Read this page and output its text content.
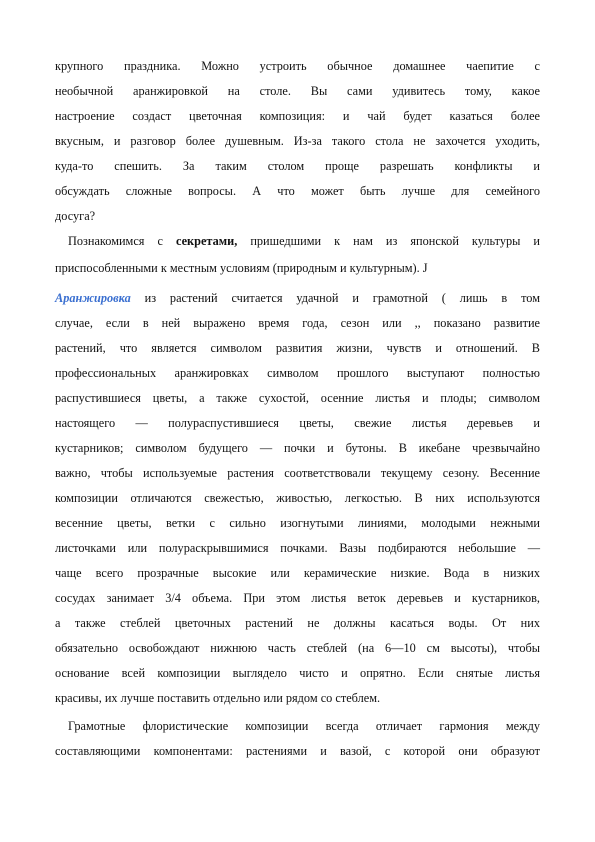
крупного праздника. Можно устроить обычное домашнее чаепитие с
необычной аранжировкой на столе. Вы сами удивитесь тому, какое
настроение создаст цветочная композиция: и чай будет казаться более
вкусным, и разговор более душевным. Из-за такого стола не захочется уходить,
куда-то спешить. За таким столом проще разрешать конфликты и
обсуждать сложные вопросы. А что может быть лучше для семейного
досуга?
Познакомимся с секретами, пришедшими к нам из японской культуры и
приспособленными к местным условиям (природным и культурным). J
Аранжировка из растений считается удачной и грамотной ( лишь в том
случае, если в ней выражено время года, сезон или ,, показано развитие
растений, что является символом развития жизни, чувств и отношений. В
профессиональных аранжировках символом прошлого выступают полностью
распустившиеся цветы, а также сухостой, осенние листья и плоды; символом
настоящего — полураспустившиеся цветы, свежие листья деревьев и
кустарников; символом будущего — почки и бутоны. В икебане чрезвычайно
важно, чтобы используемые растения соответствовали текущему сезону. Весенние
композиции отличаются свежестью, живостью, легкостью. В них используются
весенние цветы, ветки с сильно изогнутыми линиями, молодыми нежными
листочками или полураскрывшимися почками. Вазы подбираются небольшие —
чаще всего прозрачные высокие или керамические низкие. Вода в низких
сосудах занимает 3/4 объема. При этом листья веток деревьев и кустарников,
а также стеблей цветочных растений не должны касаться воды. От них
обязательно освобождают нижнюю часть стеблей (на 6—10 см высоты), чтобы
основание всей композиции выглядело чисто и опрятно. Если снятые листья
красивы, их лучше поставить отдельно или рядом со стеблем.
Грамотные флористические композиции всегда отличает гармония между
составляющими компонентами: растениями и вазой, с которой они образуют
